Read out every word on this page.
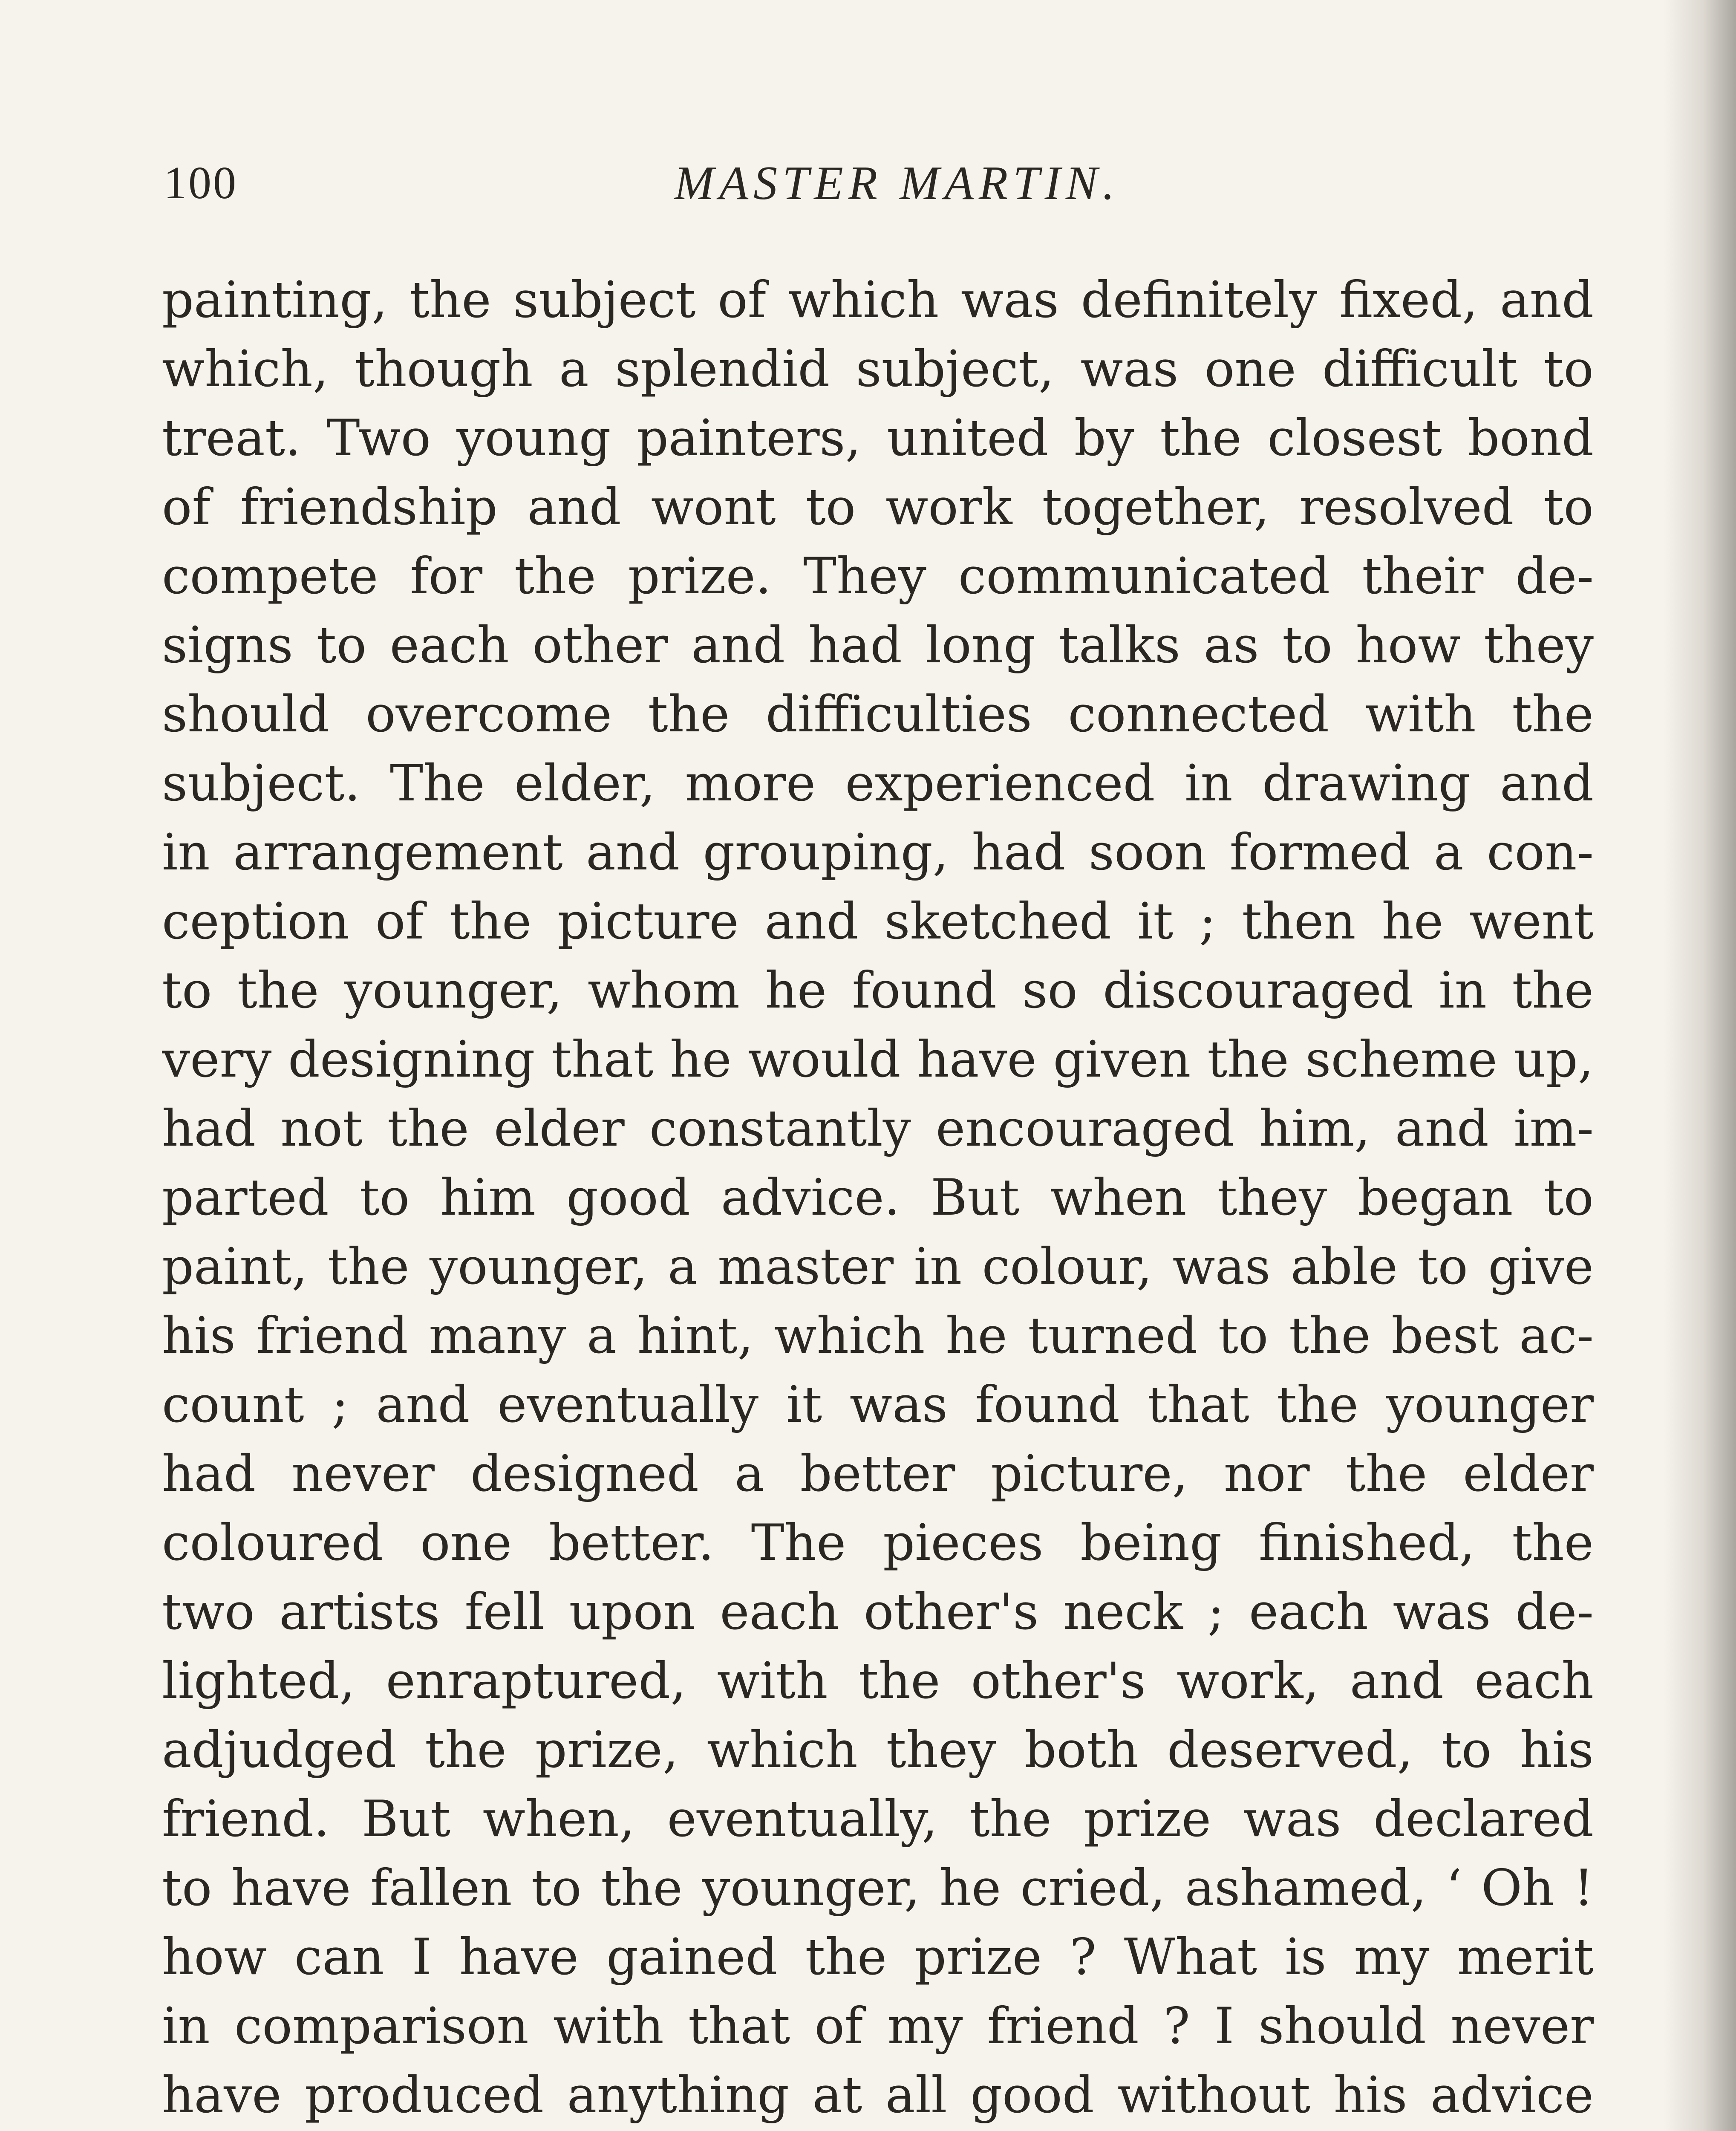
100	MASTER MARTIN.
painting, the subject of which was definitely fixed, and
which, though a splendid subject, was one difficult to
treat. Two young painters, united by the closest bond
of friendship and wont to work together, resolved to
compete for the prize. They communicated their de-
signs to each other and had long talks as to how they
should overcome the difficulties connected with the
subject. The elder, more experienced in drawing and
in arrangement and grouping, had soon formed a con-
ception of the picture and sketched it ; then he went
to the younger, whom he found so discouraged in the
very designing that he would have given the scheme up,
had not the elder constantly encouraged him, and im-
parted to him good advice. But when they began to
paint, the younger, a master in colour, was able to give
his friend many a hint, which he turned to the best ac-
count ; and eventually it was found that the younger
had never designed a better picture, nor the elder
coloured one better. The pieces being finished, the
two artists fell upon each other's neck ; each was de-
lighted, enraptured, with the other's work, and each
adjudged the prize, which they both deserved, to his
friend. But when, eventually, the prize was declared
to have fallen to the younger, he cried, ashamed, ‘ Oh !
how can I have gained the prize ? What is my merit
in comparison with that of my friend ? I should never
have produced anything at all good without his advice
